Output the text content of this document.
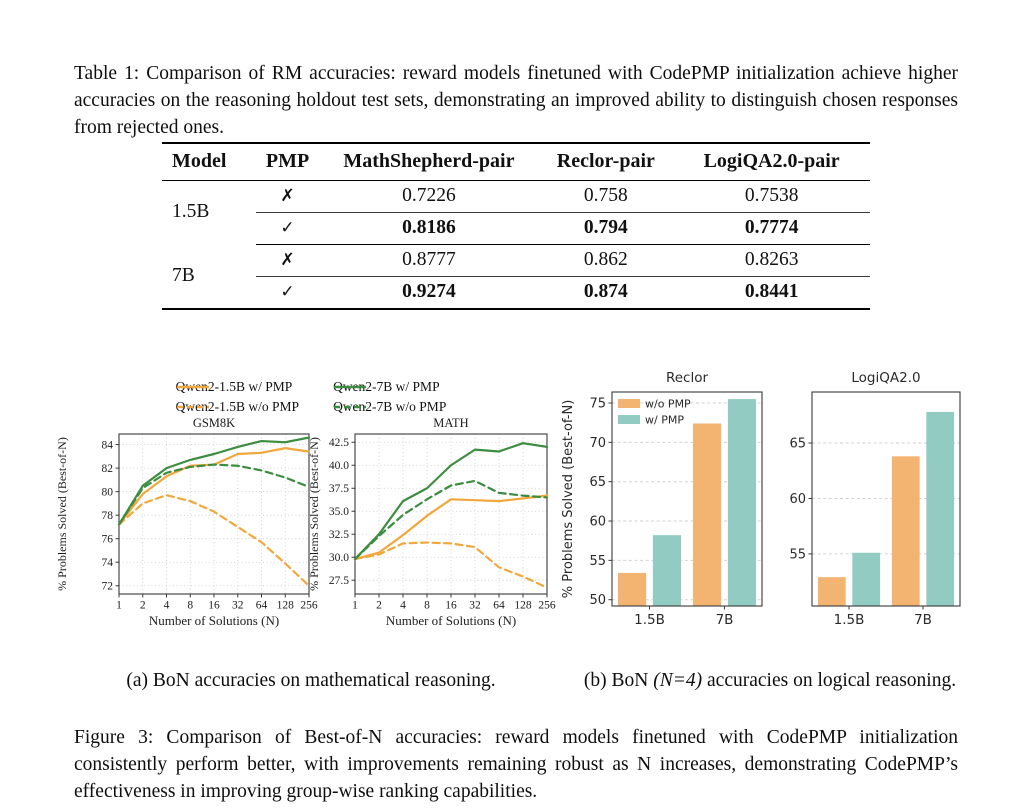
Table 1: Comparison of RM accuracies: reward models finetuned with CodePMP initialization achieve higher accuracies on the reasoning holdout test sets, demonstrating an improved ability to distinguish chosen responses from rejected ones.

Model	PMP	MathShepherd-pair	Reclor-pair	LogiQA2.0-pair
1.5B	✗	0.7226	0.758	0.7538
	✓	0.8186	0.794	0.7774
7B	✗	0.8777	0.862	0.8263
	✓	0.9274	0.874	0.8441
Qwen2-1.5B w/ PMP
Qwen2-1.5B w/o PMP
Qwen2-7B w/ PMP
Qwen2-7B w/o PMP
72
74
76
78
80
82
84
1 2 4 8 16 32 64 128 256
GSM8K
Number of Solutions (N)
% Problems Solved (Best-of-N)	27.5
30.0
32.5
35.0
37.5
40.0
42.5
1 2 4 8 16 32 64 128 256
MATH
Number of Solutions (N)
% Problems Solved (Best-of-N)
50
55
60
65
70
75
1.5B	7B
Reclor
% Problems Solved (Best-of-N)	w/o PMP
w/ PMP
55
60
65
1.5B	7B
LogiQA2.0

(a) BoN accuracies on mathematical reasoning.	(b) BoN (N=4) accuracies on logical reasoning.

Figure 3: Comparison of Best-of-N accuracies: reward models finetuned with CodePMP initialization consistently perform better, with improvements remaining robust as N increases, demonstrating CodePMP’s effectiveness in improving group-wise ranking capabilities.
